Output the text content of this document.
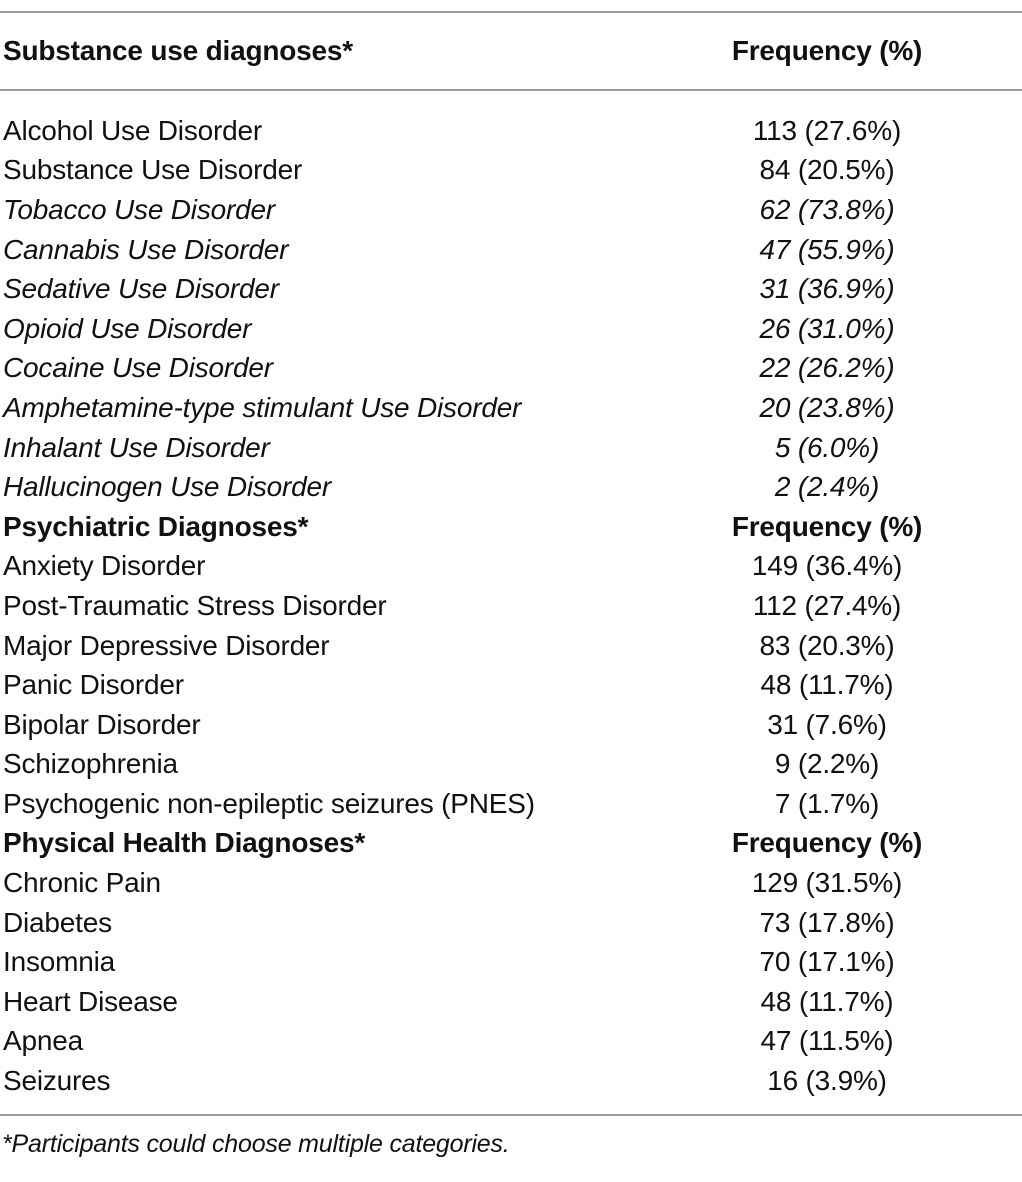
Substance use diagnoses*	Frequency (%)
Alcohol Use Disorder	113 (27.6%)
Substance Use Disorder	84 (20.5%)
Tobacco Use Disorder	62 (73.8%)
Cannabis Use Disorder	47 (55.9%)
Sedative Use Disorder	31 (36.9%)
Opioid Use Disorder	26 (31.0%)
Cocaine Use Disorder	22 (26.2%)
Amphetamine-type stimulant Use Disorder	20 (23.8%)
Inhalant Use Disorder	5 (6.0%)
Hallucinogen Use Disorder	2 (2.4%)
Psychiatric Diagnoses*	Frequency (%)
Anxiety Disorder	149 (36.4%)
Post-Traumatic Stress Disorder	112 (27.4%)
Major Depressive Disorder	83 (20.3%)
Panic Disorder	48 (11.7%)
Bipolar Disorder	31 (7.6%)
Schizophrenia	9 (2.2%)
Psychogenic non-epileptic seizures (PNES)	7 (1.7%)
Physical Health Diagnoses*	Frequency (%)
Chronic Pain	129 (31.5%)
Diabetes	73 (17.8%)
Insomnia	70 (17.1%)
Heart Disease	48 (11.7%)
Apnea	47 (11.5%)
Seizures	16 (3.9%)
*Participants could choose multiple categories.
